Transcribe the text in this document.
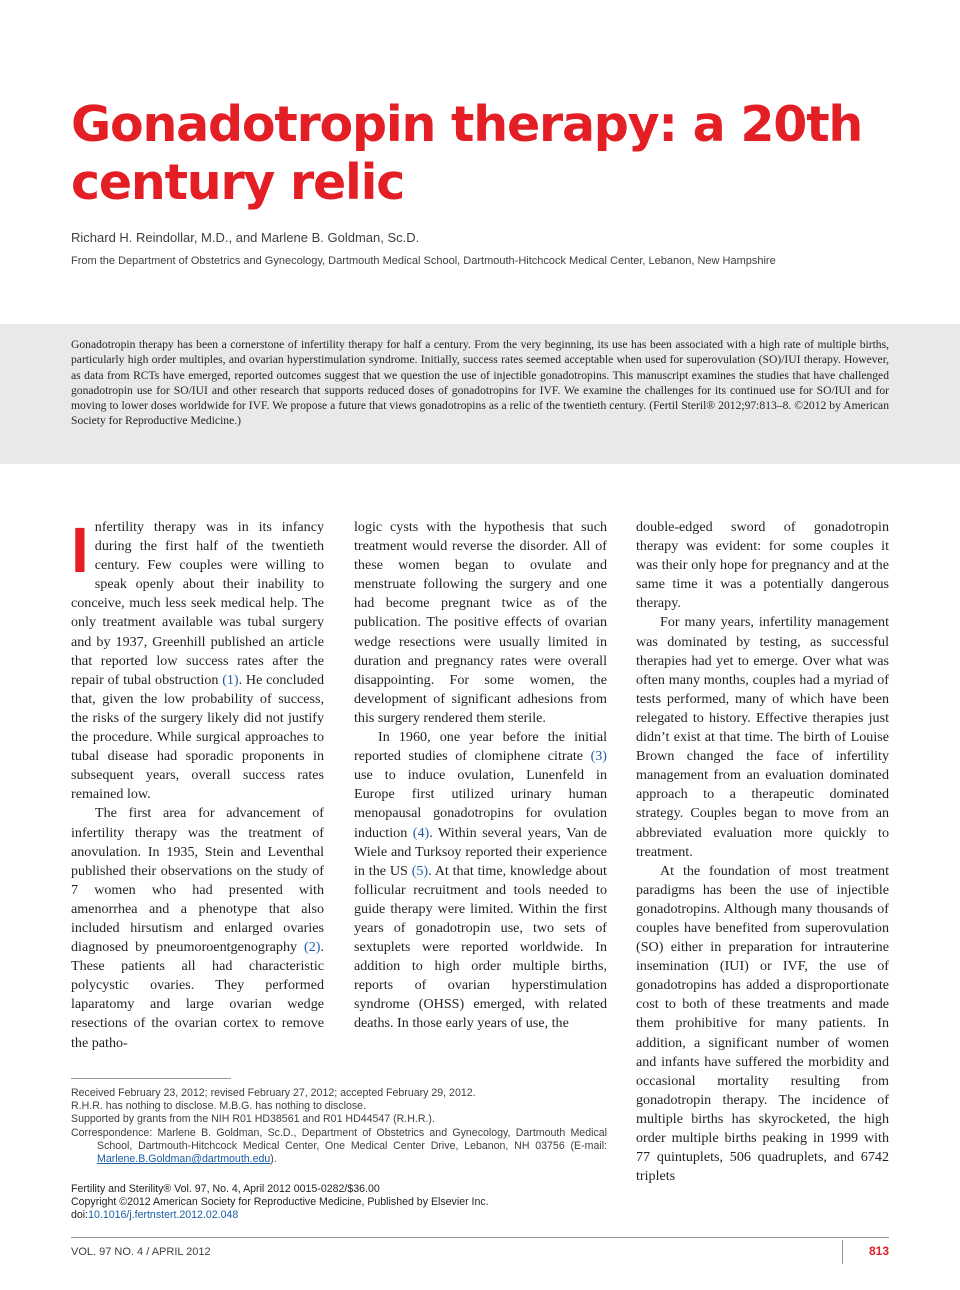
Gonadotropin therapy: a 20th century relic
Richard H. Reindollar, M.D., and Marlene B. Goldman, Sc.D.
From the Department of Obstetrics and Gynecology, Dartmouth Medical School, Dartmouth-Hitchcock Medical Center, Lebanon, New Hampshire

Gonadotropin therapy has been a cornerstone of infertility therapy for half a century. From the very beginning, its use has been associated with a high rate of multiple births, particularly high order multiples, and ovarian hyperstimulation syndrome. Initially, success rates seemed acceptable when used for superovulation (SO)/IUI therapy. However, as data from RCTs have emerged, reported outcomes suggest that we question the use of injectible gonadotropins. This manuscript examines the studies that have challenged gonadotropin use for SO/IUI and other research that supports reduced doses of gonadotropins for IVF. We examine the challenges for its continued use for SO/IUI and for moving to lower doses worldwide for IVF. We propose a future that views gonadotropins as a relic of the twentieth century. (Fertil Steril® 2012;97:813–8. ©2012 by American Society for Reproductive Medicine.)

Infertility therapy was in its infancy during the first half of the twentieth century. Few couples were willing to speak openly about their inability to conceive, much less seek medical help. The only treatment available was tubal surgery and by 1937, Greenhill published an article that reported low success rates after the repair of tubal obstruction (1). He concluded that, given the low probability of success, the risks of the surgery likely did not justify the procedure. While surgical approaches to tubal disease had sporadic proponents in subsequent years, overall success rates remained low.

The first area for advancement of infertility therapy was the treatment of anovulation. In 1935, Stein and Leventhal published their observations on the study of 7 women who had presented with amenorrhea and a phenotype that also included hirsutism and enlarged ovaries diagnosed by pneumoroentgenography (2). These patients all had characteristic polycystic ovaries. They performed laparatomy and large ovarian wedge resections of the ovarian cortex to remove the patho-

logic cysts with the hypothesis that such treatment would reverse the disorder. All of these women began to ovulate and menstruate following the surgery and one had become pregnant twice as of the publication. The positive effects of ovarian wedge resections were usually limited in duration and pregnancy rates were overall disappointing. For some women, the development of significant adhesions from this surgery rendered them sterile.

In 1960, one year before the initial reported studies of clomiphene citrate (3) use to induce ovulation, Lunenfeld in Europe first utilized urinary human menopausal gonadotropins for ovulation induction (4). Within several years, Van de Wiele and Turksoy reported their experience in the US (5). At that time, knowledge about follicular recruitment and tools needed to guide therapy were limited. Within the first years of gonadotropin use, two sets of sextuplets were reported worldwide. In addition to high order multiple births, reports of ovarian hyperstimulation syndrome (OHSS) emerged, with related deaths. In those early years of use, the

double-edged sword of gonadotropin therapy was evident: for some couples it was their only hope for pregnancy and at the same time it was a potentially dangerous therapy.

For many years, infertility management was dominated by testing, as successful therapies had yet to emerge. Over what was often many months, couples had a myriad of tests performed, many of which have been relegated to history. Effective therapies just didn’t exist at that time. The birth of Louise Brown changed the face of infertility management from an evaluation dominated approach to a therapeutic dominated strategy. Couples began to move from an abbreviated evaluation more quickly to treatment.

At the foundation of most treatment paradigms has been the use of injectible gonadotropins. Although many thousands of couples have benefited from superovulation (SO) either in preparation for intrauterine insemination (IUI) or IVF, the use of gonadotropins has added a disproportionate cost to both of these treatments and made them prohibitive for many patients. In addition, a significant number of women and infants have suffered the morbidity and occasional mortality resulting from gonadotropin therapy. The incidence of multiple births has skyrocketed, the high order multiple births peaking in 1999 with 77 quintuplets, 506 quadruplets, and 6742 triplets

Received February 23, 2012; revised February 27, 2012; accepted February 29, 2012.

R.H.R. has nothing to disclose. M.B.G. has nothing to disclose.

Supported by grants from the NIH R01 HD38561 and R01 HD44547 (R.H.R.).

Correspondence: Marlene B. Goldman, Sc.D., Department of Obstetrics and Gynecology, Dartmouth Medical School, Dartmouth-Hitchcock Medical Center, One Medical Center Drive, Lebanon, NH 03756 (E-mail: Marlene.B.Goldman@dartmouth.edu).

Fertility and Sterility® Vol. 97, No. 4, April 2012 0015-0282/$36.00

Copyright ©2012 American Society for Reproductive Medicine, Published by Elsevier Inc.

doi:10.1016/j.fertnstert.2012.02.048

VOL. 97 NO. 4 / APRIL 2012	813
